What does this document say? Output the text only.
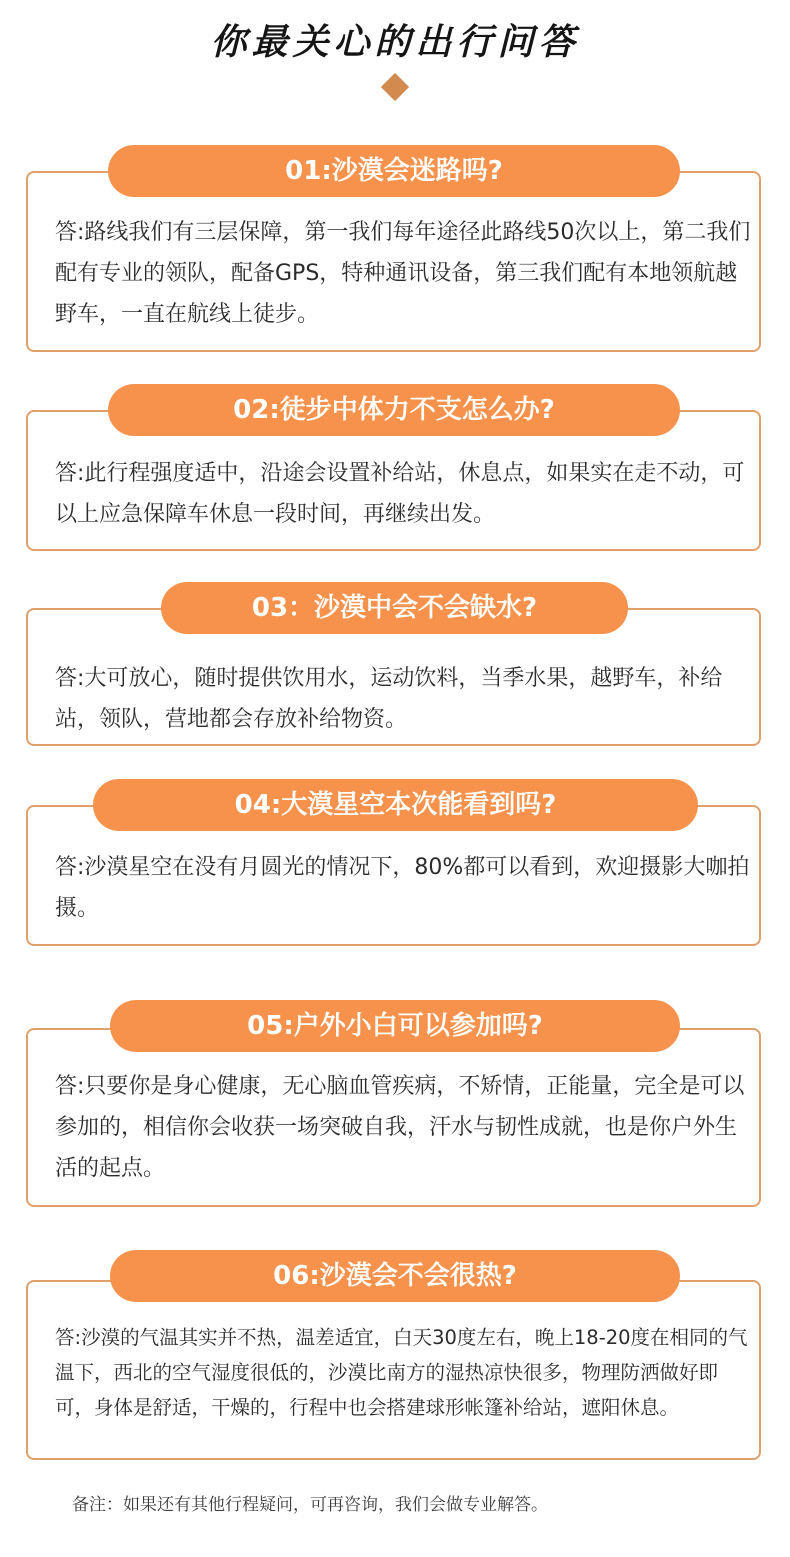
你最关心的出行问答
01:沙漠会迷路吗?

答:路线我们有三层保障，第一我们每年途径此路线50次以上，第二我们配有专业的领队，配备GPS，特种通讯设备，第三我们配有本地领航越野车，一直在航线上徒步。

02:徒步中体力不支怎么办?

答:此行程强度适中，沿途会设置补给站，休息点，如果实在走不动，可以上应急保障车休息一段时间，再继续出发。

03：沙漠中会不会缺水?

答:大可放心，随时提供饮用水，运动饮料，当季水果，越野车，补给站，领队，营地都会存放补给物资。

04:大漠星空本次能看到吗?

答:沙漠星空在没有月圆光的情况下，80%都可以看到，欢迎摄影大咖拍摄。

05:户外小白可以参加吗?

答:只要你是身心健康，无心脑血管疾病，不矫情，正能量，完全是可以参加的，相信你会收获一场突破自我，汗水与韧性成就，也是你户外生活的起点。

06:沙漠会不会很热?

答:沙漠的气温其实并不热，温差适宜，白天30度左右，晚上18-20度在相同的气温下，西北的空气湿度很低的，沙漠比南方的湿热凉快很多，物理防洒做好即可，身体是舒适，干燥的，行程中也会搭建球形帐篷补给站，遮阳休息。

备注：如果还有其他行程疑问，可再咨询，我们会做专业解答。
